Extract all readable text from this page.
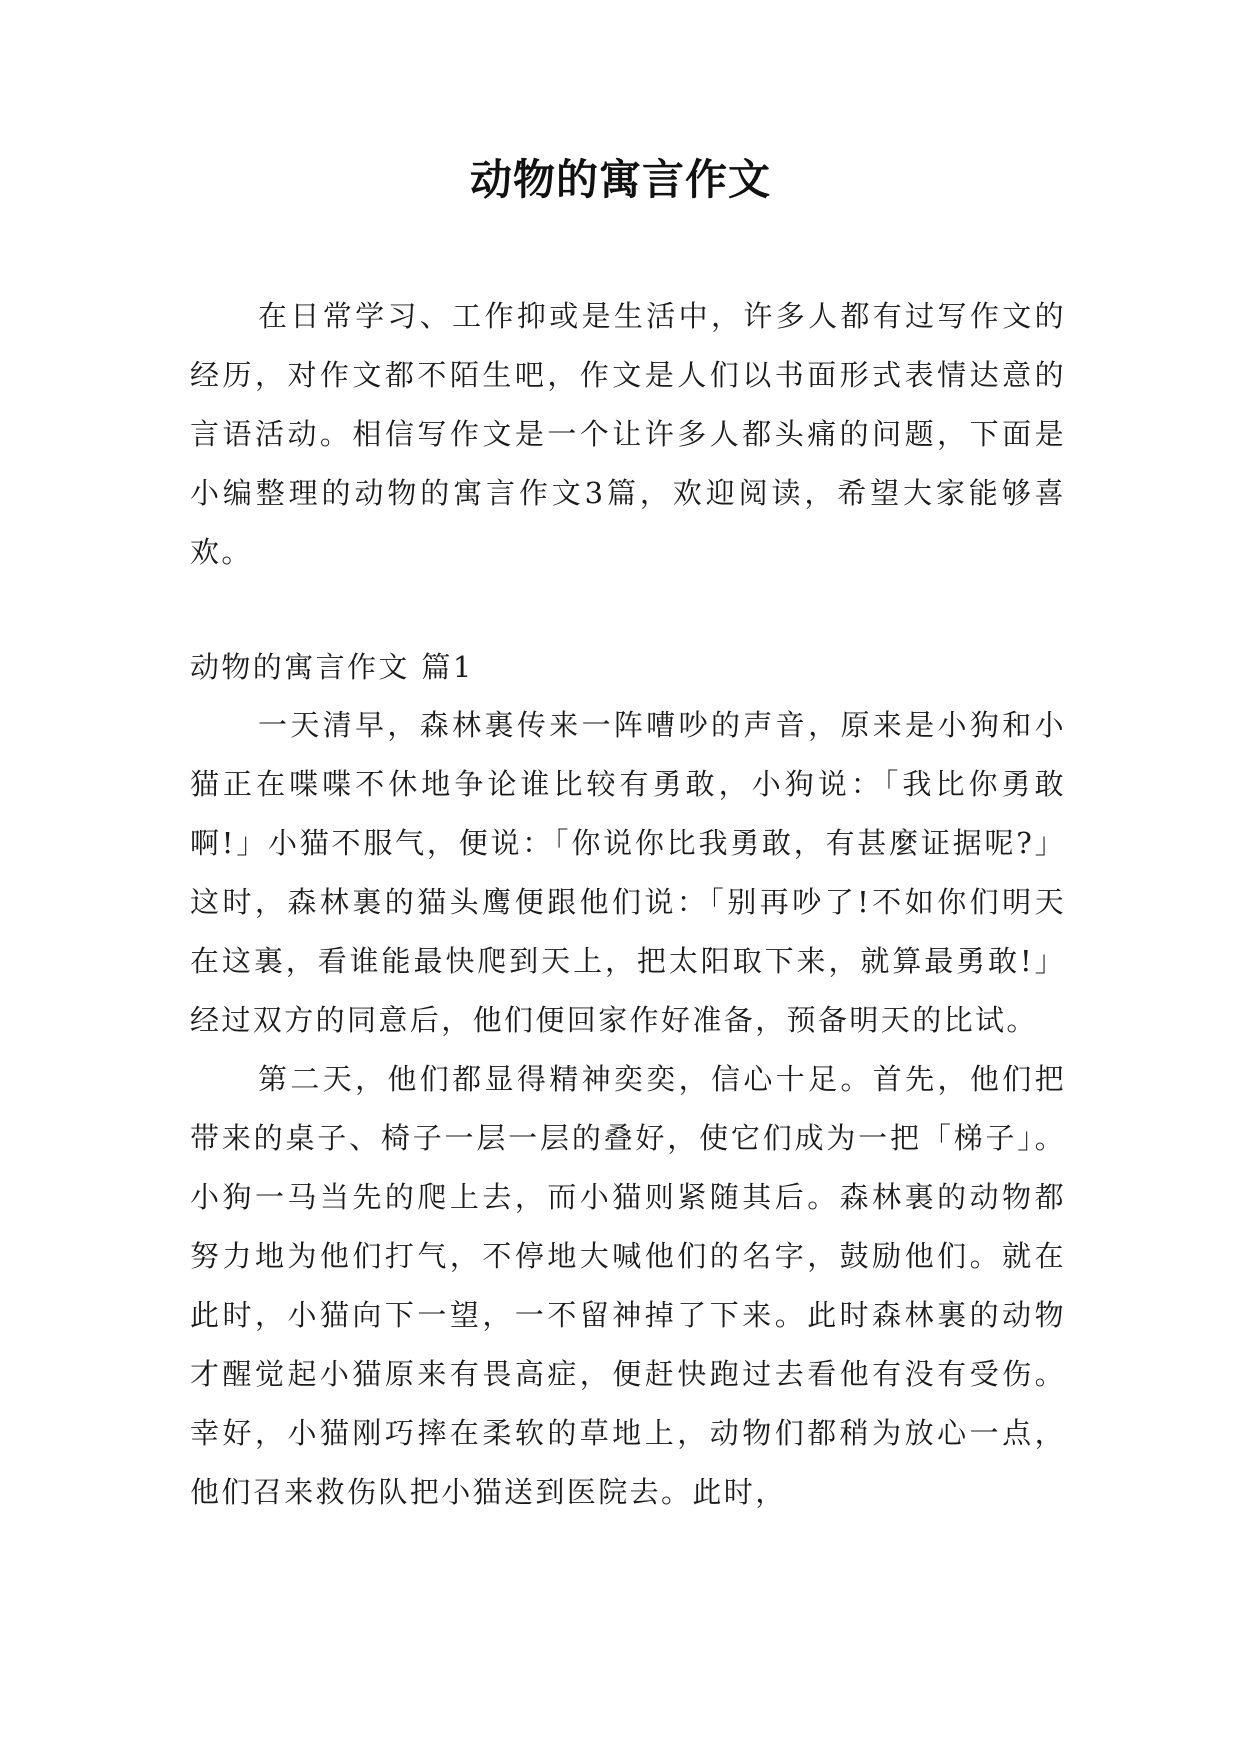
动物的寓言作文

在日常学习、工作抑或是生活中，许多人都有过写作文的经历，对作文都不陌生吧，作文是人们以书面形式表情达意的言语活动。相信写作文是一个让许多人都头痛的问题，下面是小编整理的动物的寓言作文3篇，欢迎阅读，希望大家能够喜欢。

动物的寓言作文 篇1

一天清早，森林裏传来一阵嘈吵的声音，原来是小狗和小猫正在喋喋不休地争论谁比较有勇敢，小狗说：「我比你勇敢啊!」小猫不服气，便说：「你说你比我勇敢，有甚麼证据呢?」这时，森林裏的猫头鹰便跟他们说：「别再吵了!不如你们明天在这裏，看谁能最快爬到天上，把太阳取下来，就算最勇敢!」经过双方的同意后，他们便回家作好准备，预备明天的比试。

第二天，他们都显得精神奕奕，信心十足。首先，他们把带来的桌子、椅子一层一层的叠好，使它们成为一把「梯子」。小狗一马当先的爬上去，而小猫则紧随其后。森林裏的动物都努力地为他们打气，不停地大喊他们的名字，鼓励他们。就在此时，小猫向下一望，一不留神掉了下来。此时森林裏的动物才醒觉起小猫原来有畏高症，便赶快跑过去看他有没有受伤。幸好，小猫刚巧摔在柔软的草地上，动物们都稍为放心一点，他们召来救伤队把小猫送到医院去。此时，
